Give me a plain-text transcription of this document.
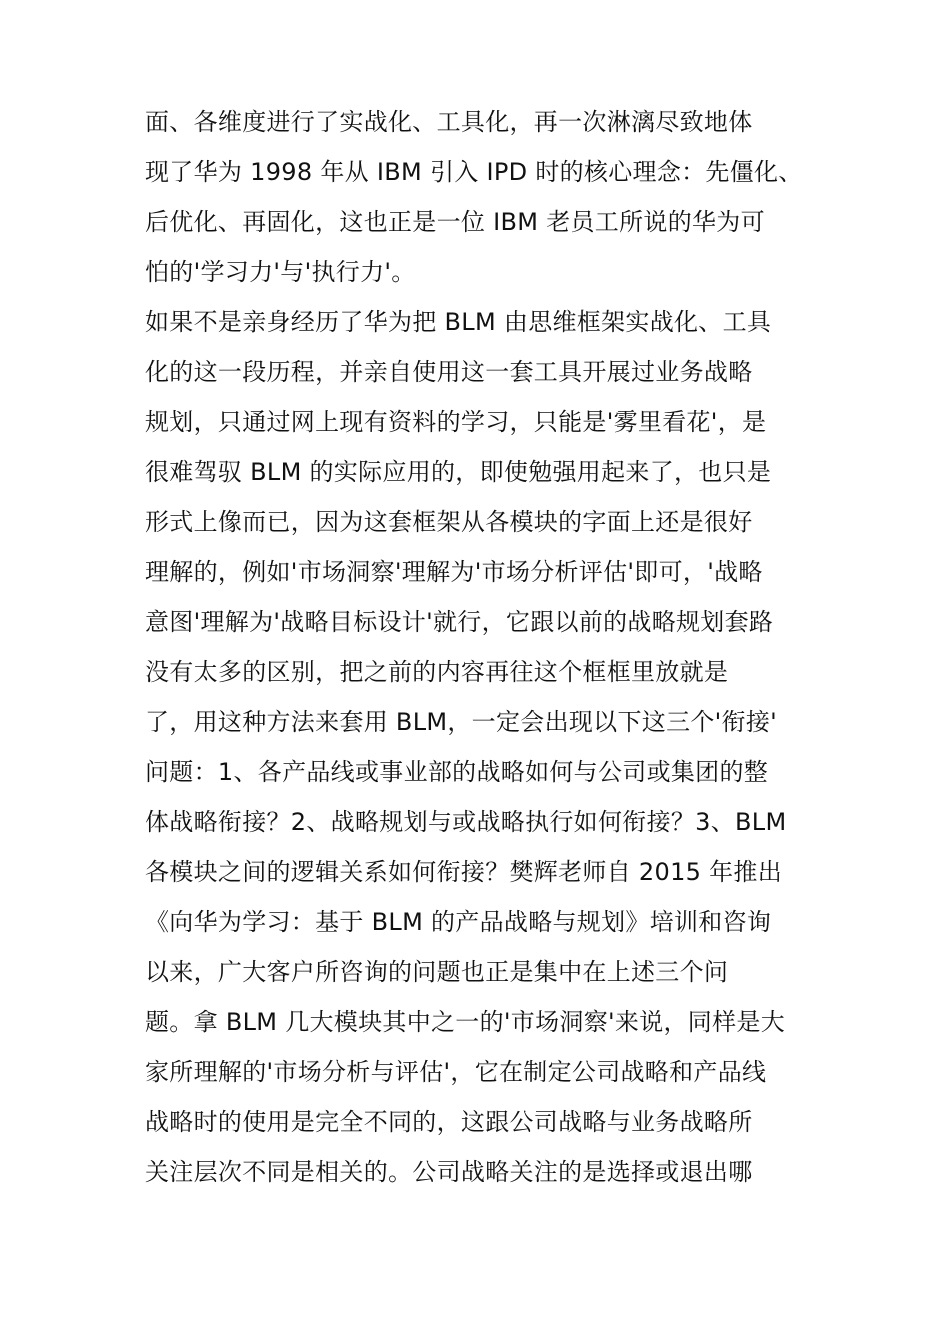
面、各维度进行了实战化、工具化，再一次淋漓尽致地体
现了华为 1998 年从 IBM 引入 IPD 时的核心理念：先僵化、
后优化、再固化，这也正是一位 IBM 老员工所说的华为可
怕的'学习力'与'执行力'。
如果不是亲身经历了华为把 BLM 由思维框架实战化、工具
化的这一段历程，并亲自使用这一套工具开展过业务战略
规划，只通过网上现有资料的学习，只能是'雾里看花'，是
很难驾驭 BLM 的实际应用的，即使勉强用起来了，也只是
形式上像而已，因为这套框架从各模块的字面上还是很好
理解的，例如'市场洞察'理解为'市场分析评估'即可，'战略
意图'理解为'战略目标设计'就行，它跟以前的战略规划套路
没有太多的区别，把之前的内容再往这个框框里放就是
了，用这种方法来套用 BLM，一定会出现以下这三个'衔接'
问题：1、各产品线或事业部的战略如何与公司或集团的整
体战略衔接？2、战略规划与或战略执行如何衔接？3、BLM
各模块之间的逻辑关系如何衔接？樊辉老师自 2015 年推出
《向华为学习：基于 BLM 的产品战略与规划》培训和咨询
以来，广大客户所咨询的问题也正是集中在上述三个问
题。拿 BLM 几大模块其中之一的'市场洞察'来说，同样是大
家所理解的'市场分析与评估'，它在制定公司战略和产品线
战略时的使用是完全不同的，这跟公司战略与业务战略所
关注层次不同是相关的。公司战略关注的是选择或退出哪
